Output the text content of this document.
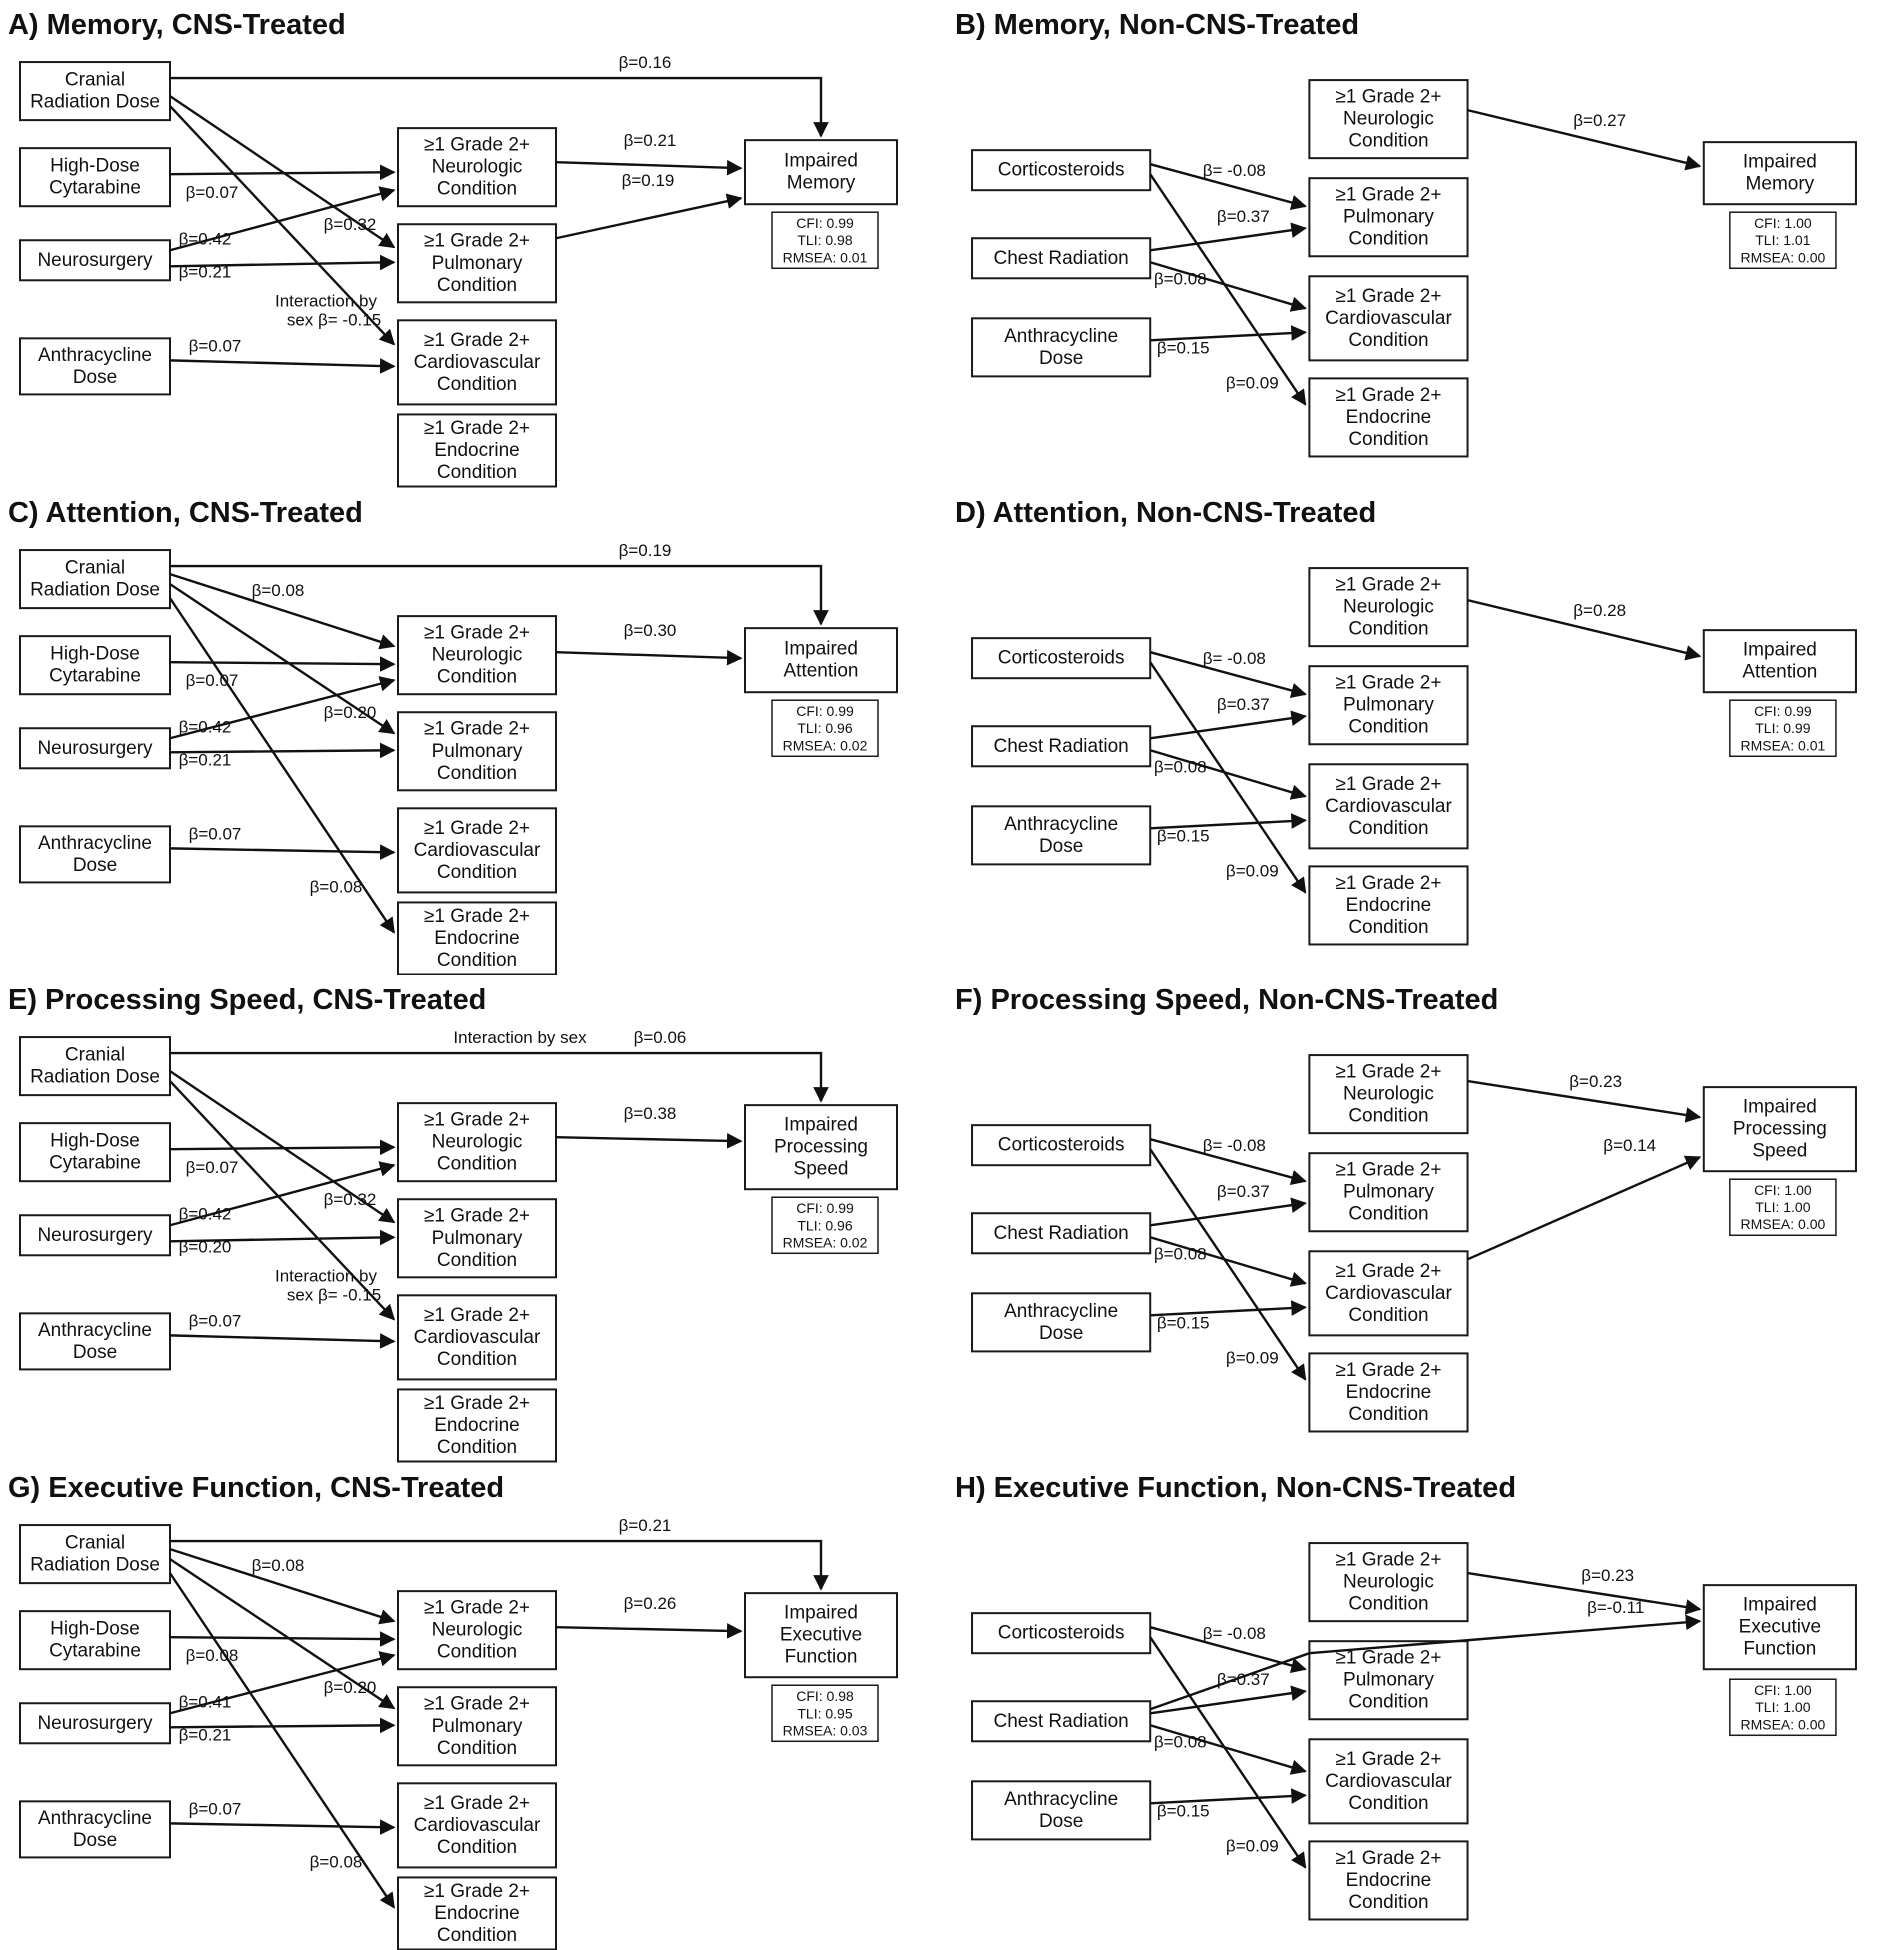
A) Memory, CNS-Treated
Cranial Radiation Dose
High-Dose Cytarabine
Neurosurgery
Anthracycline Dose
≥1 Grade 2+ Neurologic Condition
≥1 Grade 2+ Pulmonary Condition
≥1 Grade 2+ Cardiovascular Condition
≥1 Grade 2+ Endocrine Condition
Impaired Memory
CFI: 0.99 TLI: 0.98 RMSEA: 0.01
β=0.16
β=0.07
β=0.32
β=0.42
β=0.21
Interaction by
sex β= -0.15
β=0.07
β=0.21
β=0.19
B) Memory, Non-CNS-Treated
Corticosteroids
Chest Radiation
Anthracycline Dose
≥1 Grade 2+ Neurologic Condition
≥1 Grade 2+ Pulmonary Condition
≥1 Grade 2+ Cardiovascular Condition
≥1 Grade 2+ Endocrine Condition
Impaired Memory
CFI: 1.00 TLI: 1.01 RMSEA: 0.00
β= -0.08
β=0.37
β=0.08
β=0.15
β=0.09
β=0.27
C) Attention, CNS-Treated
Cranial Radiation Dose
High-Dose Cytarabine
Neurosurgery
Anthracycline Dose
≥1 Grade 2+ Neurologic Condition
≥1 Grade 2+ Pulmonary Condition
≥1 Grade 2+ Cardiovascular Condition
≥1 Grade 2+ Endocrine Condition
Impaired Attention
CFI: 0.99 TLI: 0.96 RMSEA: 0.02
β=0.19
β=0.08
β=0.07
β=0.42
β=0.20
β=0.21
β=0.07
β=0.08
β=0.30
D) Attention, Non-CNS-Treated
Corticosteroids
Chest Radiation
Anthracycline Dose
≥1 Grade 2+ Neurologic Condition
≥1 Grade 2+ Pulmonary Condition
≥1 Grade 2+ Cardiovascular Condition
≥1 Grade 2+ Endocrine Condition
Impaired Attention
CFI: 0.99 TLI: 0.99 RMSEA: 0.01
β= -0.08
β=0.37
β=0.08
β=0.15
β=0.09
β=0.28
E) Processing Speed, CNS-Treated
Cranial Radiation Dose
High-Dose Cytarabine
Neurosurgery
Anthracycline Dose
≥1 Grade 2+ Neurologic Condition
≥1 Grade 2+ Pulmonary Condition
≥1 Grade 2+ Cardiovascular Condition
≥1 Grade 2+ Endocrine Condition
Impaired Processing Speed
CFI: 0.99 TLI: 0.96 RMSEA: 0.02
Interaction by sex	β=0.06
β=0.07
β=0.32
β=0.42
β=0.20
Interaction by
sex β= -0.15
β=0.07
β=0.38
F) Processing Speed, Non-CNS-Treated
Corticosteroids
Chest Radiation
Anthracycline Dose
≥1 Grade 2+ Neurologic Condition
≥1 Grade 2+ Pulmonary Condition
≥1 Grade 2+ Cardiovascular Condition
≥1 Grade 2+ Endocrine Condition
Impaired Processing Speed
CFI: 1.00 TLI: 1.00 RMSEA: 0.00
β= -0.08
β=0.37
β=0.08
β=0.15
β=0.09
β=0.23
β=0.14
G) Executive Function, CNS-Treated
Cranial Radiation Dose
High-Dose Cytarabine
Neurosurgery
Anthracycline Dose
≥1 Grade 2+ Neurologic Condition
≥1 Grade 2+ Pulmonary Condition
≥1 Grade 2+ Cardiovascular Condition
≥1 Grade 2+ Endocrine Condition
Impaired Executive Function
CFI: 0.98 TLI: 0.95 RMSEA: 0.03
β=0.21
β=0.08
β=0.08
β=0.41
β=0.20
β=0.21
β=0.07
β=0.08
β=0.26
H) Executive Function, Non-CNS-Treated
Corticosteroids
Chest Radiation
Anthracycline Dose
≥1 Grade 2+ Neurologic Condition
≥1 Grade 2+ Pulmonary Condition
≥1 Grade 2+ Cardiovascular Condition
≥1 Grade 2+ Endocrine Condition
Impaired Executive Function
CFI: 1.00 TLI: 1.00 RMSEA: 0.00
β= -0.08
β=0.37
β=0.08
β=0.15
β=0.09
β=0.23
β=-0.11
